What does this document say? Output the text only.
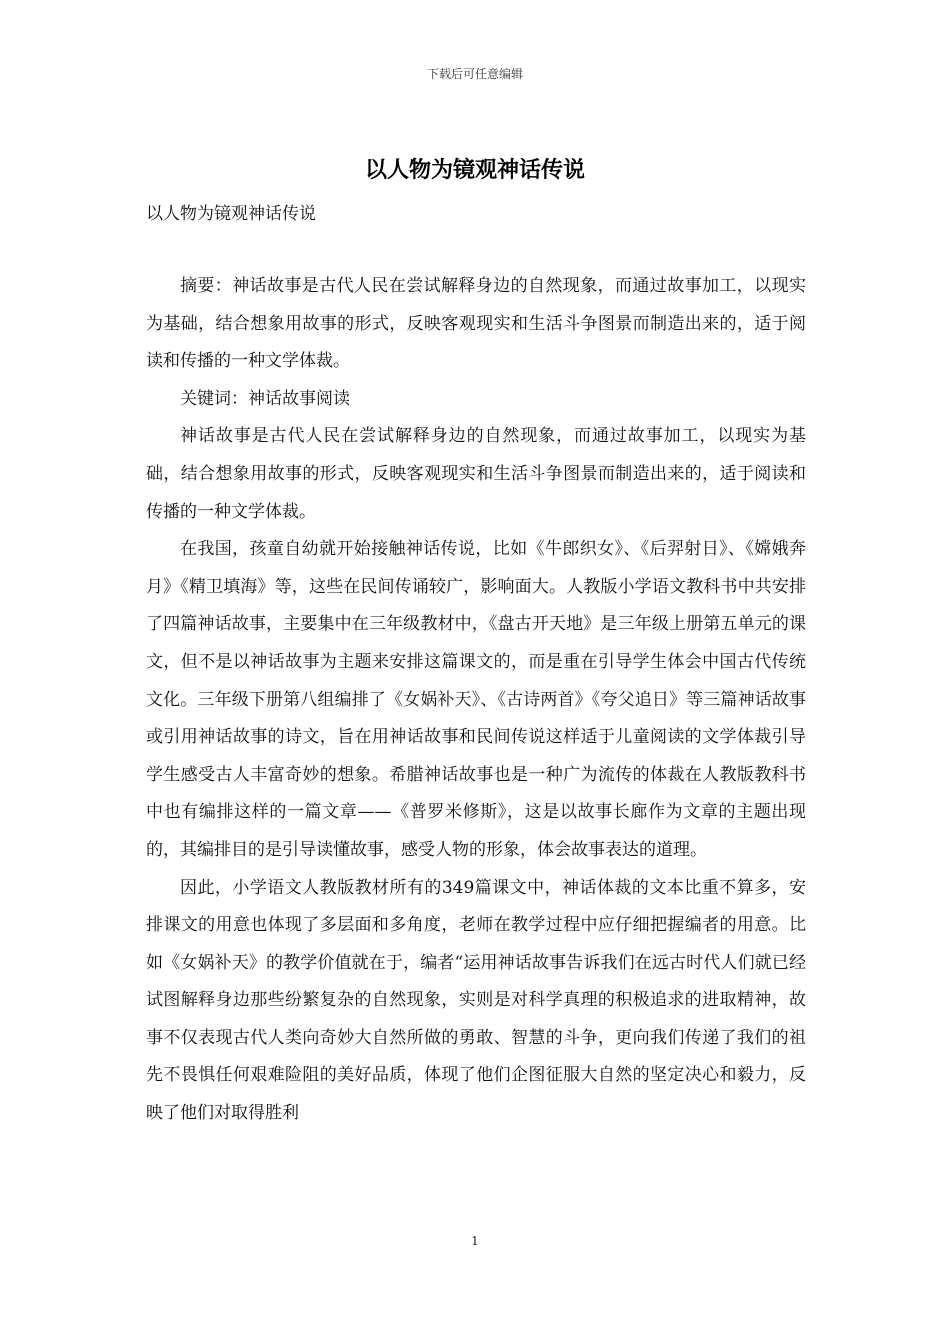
下载后可任意编辑
以人物为镜观神话传说
以人物为镜观神话传说

摘要：神话故事是古代人民在尝试解释身边的自然现象，而通过故事加工，以现实为基础，结合想象用故事的形式，反映客观现实和生活斗争图景而制造出来的，适于阅读和传播的一种文学体裁。

关键词：神话故事阅读

神话故事是古代人民在尝试解释身边的自然现象，而通过故事加工，以现实为基础，结合想象用故事的形式，反映客观现实和生活斗争图景而制造出来的，适于阅读和传播的一种文学体裁。

在我国，孩童自幼就开始接触神话传说，比如《牛郎织女》、《后羿射日》、《嫦娥奔月》《精卫填海》等，这些在民间传诵较广，影响面大。人教版小学语文教科书中共安排了四篇神话故事，主要集中在三年级教材中，《盘古开天地》是三年级上册第五单元的课文，但不是以神话故事为主题来安排这篇课文的，而是重在引导学生体会中国古代传统文化。三年级下册第八组编排了《女娲补天》、《古诗两首》《夸父追日》等三篇神话故事或引用神话故事的诗文，旨在用神话故事和民间传说这样适于儿童阅读的文学体裁引导学生感受古人丰富奇妙的想象。希腊神话故事也是一种广为流传的体裁在人教版教科书中也有编排这样的一篇文章——《普罗米修斯》，这是以故事长廊作为文章的主题出现的，其编排目的是引导读懂故事，感受人物的形象，体会故事表达的道理。

因此，小学语文人教版教材所有的349篇课文中，神话体裁的文本比重不算多，安排课文的用意也体现了多层面和多角度，老师在教学过程中应仔细把握编者的用意。比如《女娲补天》的教学价值就在于，编者“运用神话故事告诉我们在远古时代人们就已经试图解释身边那些纷繁复杂的自然现象，实则是对科学真理的积极追求的进取精神，故事不仅表现古代人类向奇妙大自然所做的勇敢、智慧的斗争，更向我们传递了我们的祖先不畏惧任何艰难险阻的美好品质，体现了他们企图征服大自然的坚定决心和毅力，反映了他们对取得胜利

1
